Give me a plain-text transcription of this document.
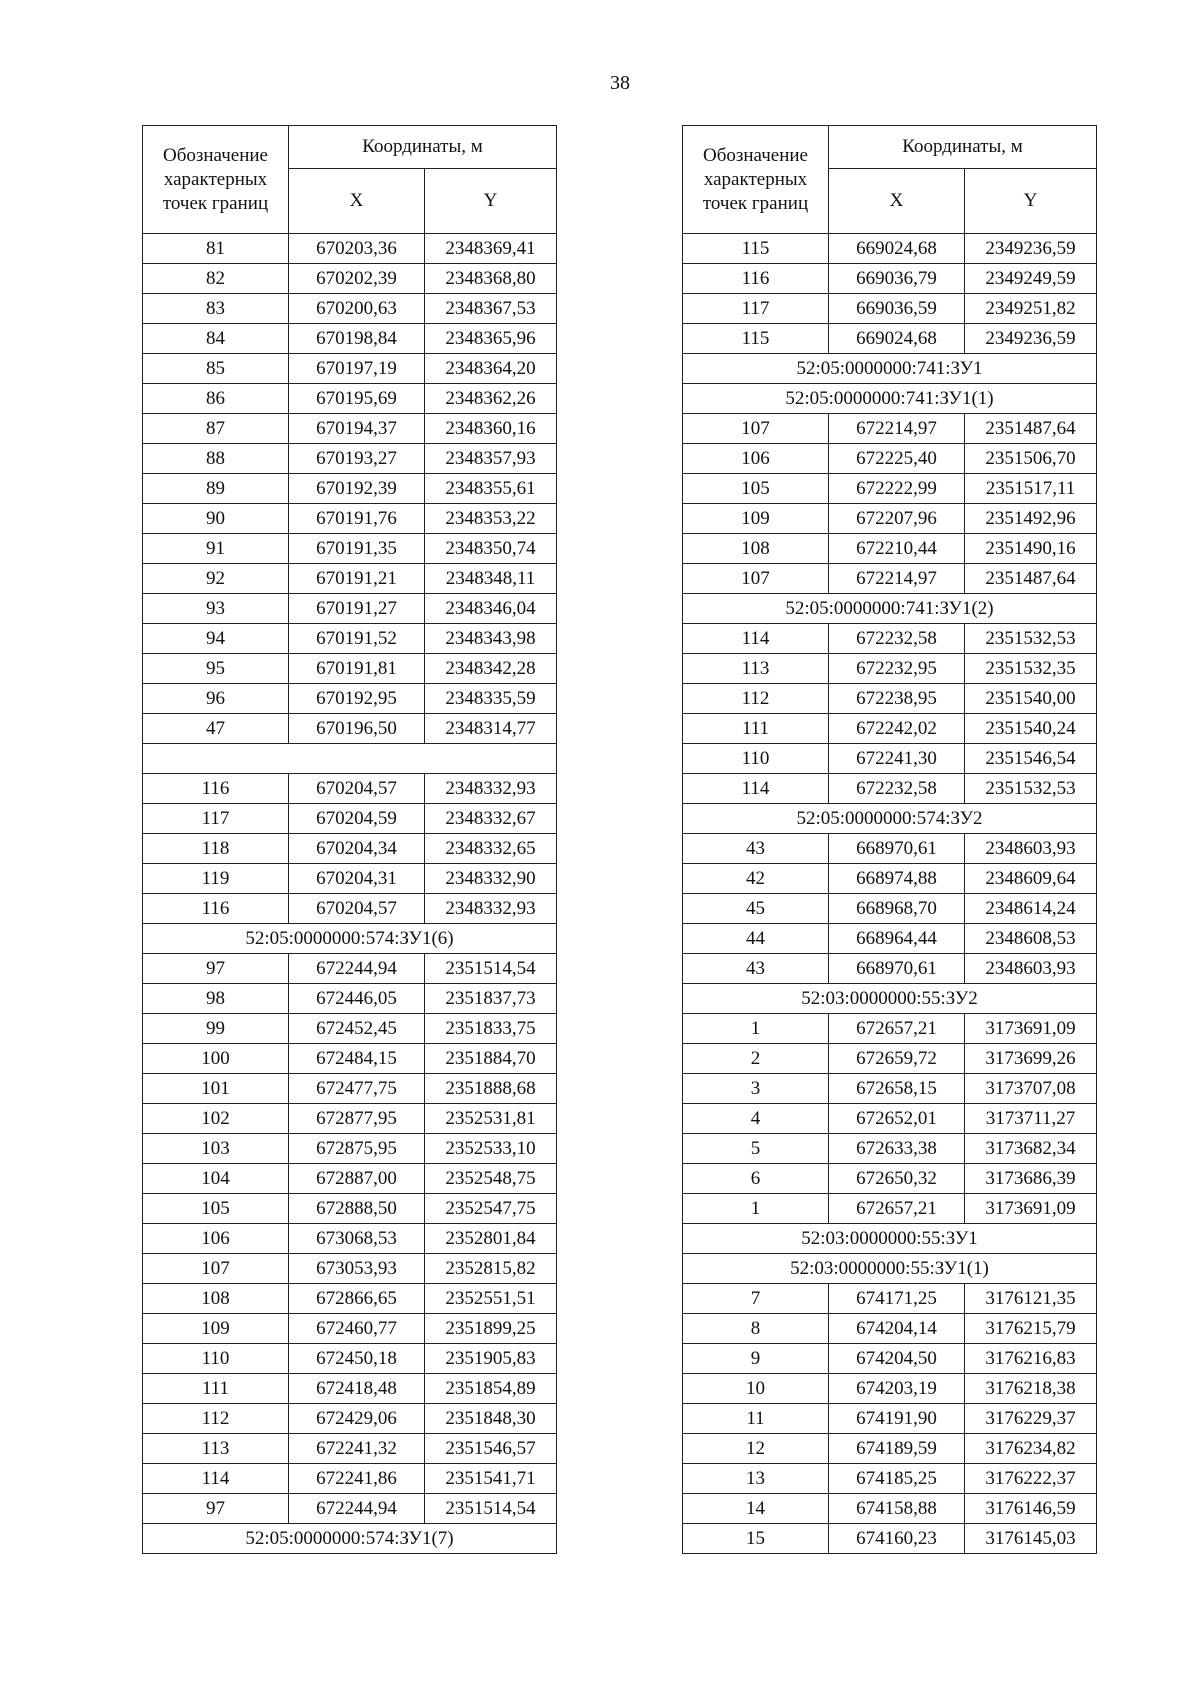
38
Обозначение характерных точек границ	Координаты, м	
	X	Y
81	670203,36	2348369,41
82	670202,39	2348368,80
83	670200,63	2348367,53
84	670198,84	2348365,96
85	670197,19	2348364,20
86	670195,69	2348362,26
87	670194,37	2348360,16
88	670193,27	2348357,93
89	670192,39	2348355,61
90	670191,76	2348353,22
91	670191,35	2348350,74
92	670191,21	2348348,11
93	670191,27	2348346,04
94	670191,52	2348343,98
95	670191,81	2348342,28
96	670192,95	2348335,59
47	670196,50	2348314,77

116	670204,57	2348332,93
117	670204,59	2348332,67
118	670204,34	2348332,65
119	670204,31	2348332,90
116	670204,57	2348332,93
52:05:0000000:574:ЗУ1(6)		
97	672244,94	2351514,54
98	672446,05	2351837,73
99	672452,45	2351833,75
100	672484,15	2351884,70
101	672477,75	2351888,68
102	672877,95	2352531,81
103	672875,95	2352533,10
104	672887,00	2352548,75
105	672888,50	2352547,75
106	673068,53	2352801,84
107	673053,93	2352815,82
108	672866,65	2352551,51
109	672460,77	2351899,25
110	672450,18	2351905,83
111	672418,48	2351854,89
112	672429,06	2351848,30
113	672241,32	2351546,57
114	672241,86	2351541,71
97	672244,94	2351514,54
52:05:0000000:574:ЗУ1(7)		
Обозначение характерных точек границ	Координаты, м	
	X	Y
115	669024,68	2349236,59
116	669036,79	2349249,59
117	669036,59	2349251,82
115	669024,68	2349236,59
52:05:0000000:741:ЗУ1		
52:05:0000000:741:ЗУ1(1)		
107	672214,97	2351487,64
106	672225,40	2351506,70
105	672222,99	2351517,11
109	672207,96	2351492,96
108	672210,44	2351490,16
107	672214,97	2351487,64
52:05:0000000:741:ЗУ1(2)		
114	672232,58	2351532,53
113	672232,95	2351532,35
112	672238,95	2351540,00
111	672242,02	2351540,24
110	672241,30	2351546,54
114	672232,58	2351532,53
52:05:0000000:574:ЗУ2		
43	668970,61	2348603,93
42	668974,88	2348609,64
45	668968,70	2348614,24
44	668964,44	2348608,53
43	668970,61	2348603,93
52:03:0000000:55:ЗУ2		
1	672657,21	3173691,09
2	672659,72	3173699,26
3	672658,15	3173707,08
4	672652,01	3173711,27
5	672633,38	3173682,34
6	672650,32	3173686,39
1	672657,21	3173691,09
52:03:0000000:55:ЗУ1		
52:03:0000000:55:ЗУ1(1)		
7	674171,25	3176121,35
8	674204,14	3176215,79
9	674204,50	3176216,83
10	674203,19	3176218,38
11	674191,90	3176229,37
12	674189,59	3176234,82
13	674185,25	3176222,37
14	674158,88	3176146,59
15	674160,23	3176145,03
